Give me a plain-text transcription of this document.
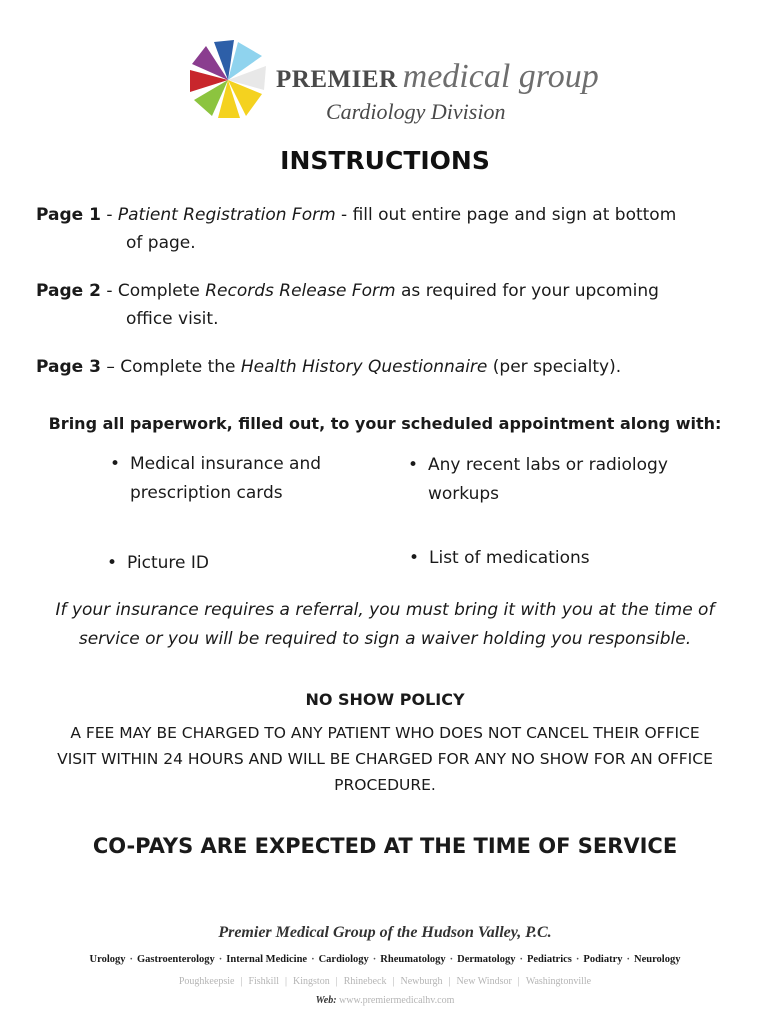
PREMIER medical group
Cardiology Division
INSTRUCTIONS
Page 1 - Patient Registration Form - fill out entire page and sign at bottom
of page.
Page 2 - Complete Records Release Form as required for your upcoming
office visit.
Page 3 – Complete the Health History Questionnaire (per specialty).
Bring all paperwork, filled out, to your scheduled appointment along with:
• Medical insurance and
prescription cards
• Any recent labs or radiology
workups
• Picture ID	• List of medications
If your insurance requires a referral, you must bring it with you at the time of service or you will be required to sign a waiver holding you responsible.
NO SHOW POLICY
A FEE MAY BE CHARGED TO ANY PATIENT WHO DOES NOT CANCEL THEIR OFFICE VISIT WITHIN 24 HOURS AND WILL BE CHARGED FOR ANY NO SHOW FOR AN OFFICE PROCEDURE.
CO-PAYS ARE EXPECTED AT THE TIME OF SERVICE
Premier Medical Group of the Hudson Valley, P.C.
Urology · Gastroenterology · Internal Medicine · Cardiology · Rheumatology · Dermatology · Pediatrics · Podiatry · Neurology
Poughkeepsie | Fishkill | Kingston | Rhinebeck | Newburgh | New Windsor | Washingtonville
Web: www.premiermedicalhv.com
